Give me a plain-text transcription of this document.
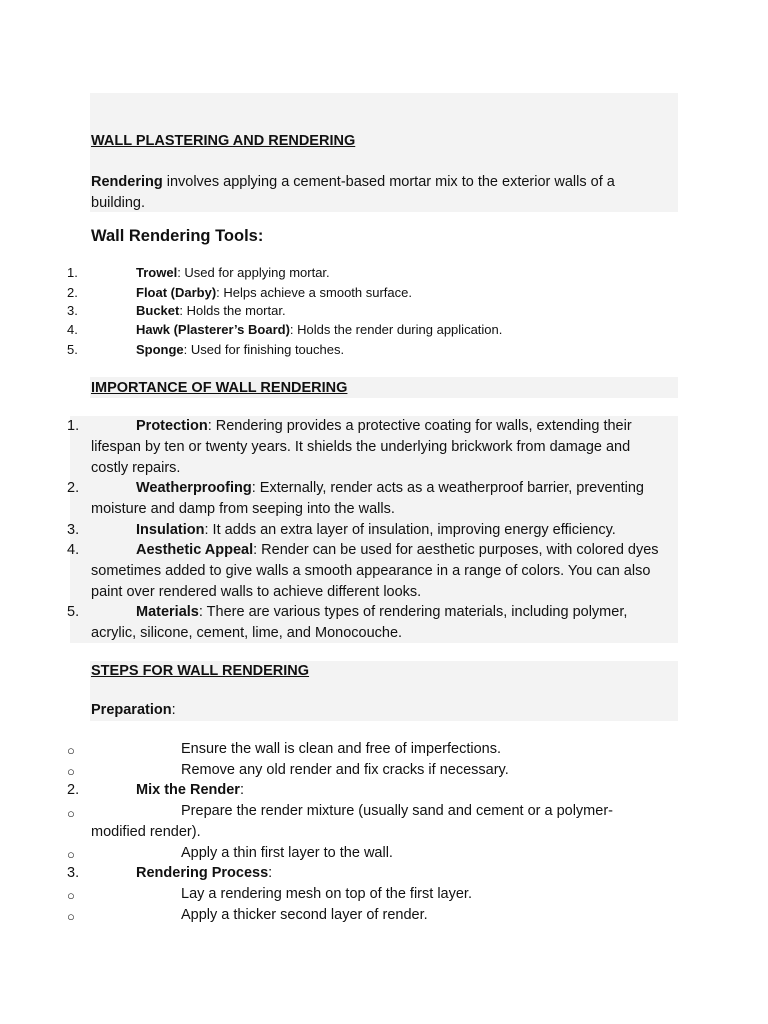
WALL PLASTERING AND RENDERING
Rendering involves applying a cement-based mortar mix to the exterior walls of a
building.
Wall Rendering Tools:
1.	Trowel: Used for applying mortar.
2.	Float (Darby): Helps achieve a smooth surface.
3.	Bucket: Holds the mortar.
4.	Hawk (Plasterer’s Board): Holds the render during application.
5.	Sponge: Used for finishing touches.
IMPORTANCE OF WALL RENDERING
1.	Protection: Rendering provides a protective coating for walls, extending their
lifespan by ten or twenty years. It shields the underlying brickwork from damage and
costly repairs.
2.	Weatherproofing: Externally, render acts as a weatherproof barrier, preventing
moisture and damp from seeping into the walls.
3.	Insulation: It adds an extra layer of insulation, improving energy efficiency.
4.	Aesthetic Appeal: Render can be used for aesthetic purposes, with colored dyes
sometimes added to give walls a smooth appearance in a range of colors. You can also
paint over rendered walls to achieve different looks.
5.	Materials: There are various types of rendering materials, including polymer,
acrylic, silicone, cement, lime, and Monocouche.
STEPS FOR WALL RENDERING
Preparation:
○	Ensure the wall is clean and free of imperfections.
○	Remove any old render and fix cracks if necessary.
2.	Mix the Render:
○	Prepare the render mixture (usually sand and cement or a polymer-
modified render).
○	Apply a thin first layer to the wall.
3.	Rendering Process:
○	Lay a rendering mesh on top of the first layer.
○	Apply a thicker second layer of render.
